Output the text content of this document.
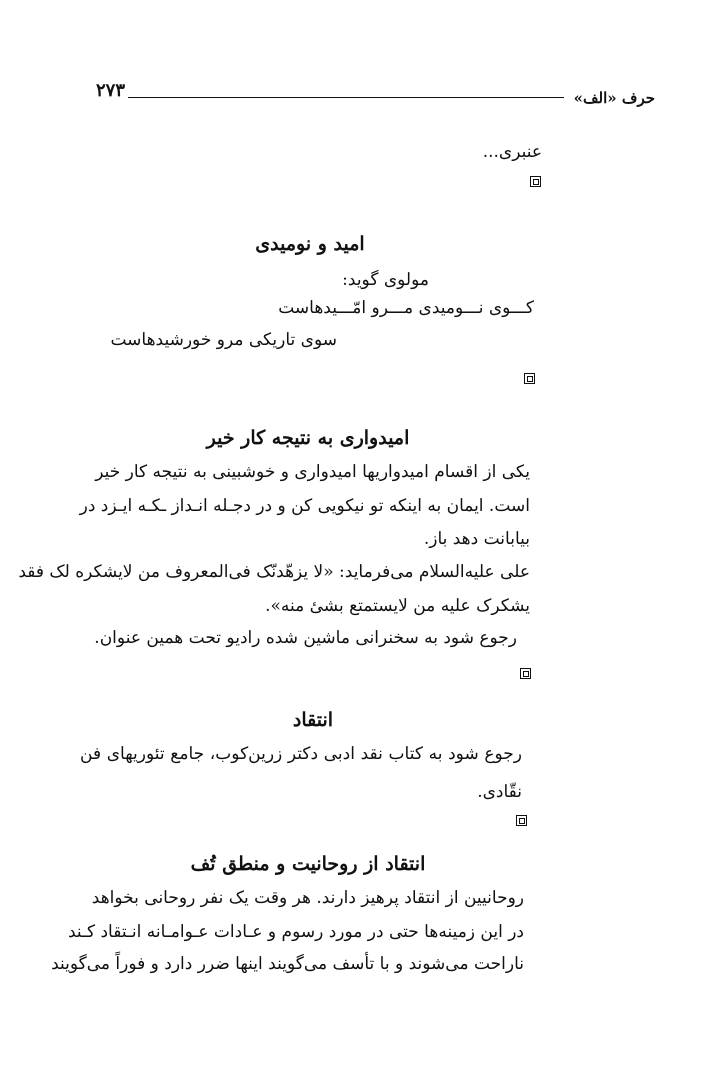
۲۷۳	حرف «الف»
عنبری...
امید و نومیدی
مولوی گوید:
کـــوی نـــومیدی مـــرو امّـــیدهاست
سوی تاریکی مرو خورشیدهاست
امیدواری به نتیجه کار خیر
یکی از اقسام امیدواریها امیدواری و خوشبینی به نتیجه کار خیر
است. ایمان به اینکه تو نیکویی کن و در دجـله انـداز ـکـه ایـزد در
بیابانت دهد باز.
علی علیه‌السلام می‌فرماید: «لا یزهّدنّک فی‌المعروف من لایشکره لک فقد
یشکرک علیه من لایستمتع بشیٔ منه».
رجوع شود به سخنرانی ماشین شده رادیو تحت همین عنوان.
انتقاد
رجوع شود به کتاب نقد ادبی دکتر زرین‌کوب، جامع تئوریهای فن
نقّادی.
انتقاد از روحانیت و منطق تُف
روحانیین از انتقاد پرهیز دارند. هر وقت یک نفر روحانی بخواهد
در این زمینه‌ها حتی در مورد رسوم و عـادات عـوامـانه انـتقاد کـند
ناراحت می‌شوند و با تأسف می‌گویند اینها ضرر دارد و فوراً می‌گویند
